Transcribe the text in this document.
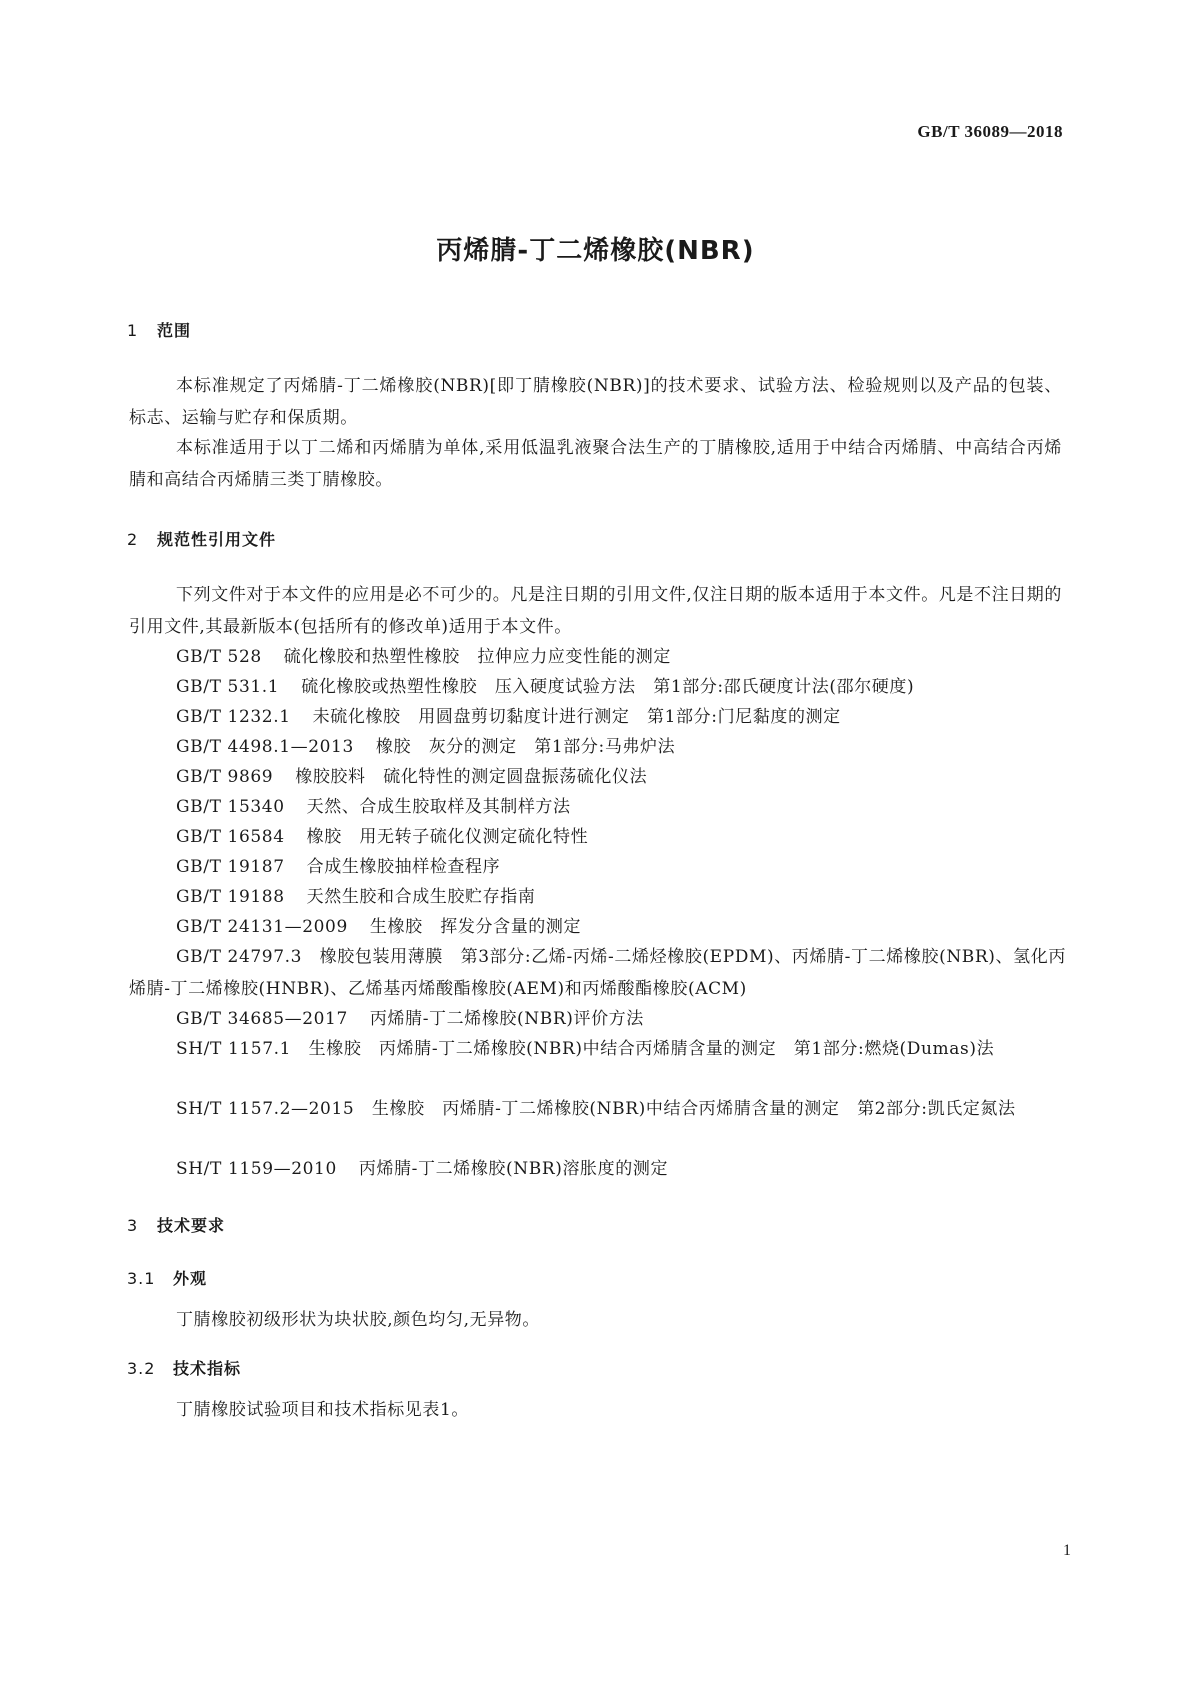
GB/T 36089—2018
丙烯腈-丁二烯橡胶(NBR)
1 范围
本标准规定了丙烯腈-丁二烯橡胶(NBR)[即丁腈橡胶(NBR)]的技术要求、试验方法、检验规则以及产品的包装、标志、运输与贮存和保质期。
本标准适用于以丁二烯和丙烯腈为单体,采用低温乳液聚合法生产的丁腈橡胶,适用于中结合丙烯腈、中高结合丙烯腈和高结合丙烯腈三类丁腈橡胶。
2 规范性引用文件
下列文件对于本文件的应用是必不可少的。凡是注日期的引用文件,仅注日期的版本适用于本文件。凡是不注日期的引用文件,其最新版本(包括所有的修改单)适用于本文件。
GB/T 528 硫化橡胶和热塑性橡胶　拉伸应力应变性能的测定
GB/T 531.1 硫化橡胶或热塑性橡胶　压入硬度试验方法　第1部分:邵氏硬度计法(邵尔硬度)
GB/T 1232.1 未硫化橡胶　用圆盘剪切黏度计进行测定　第1部分:门尼黏度的测定
GB/T 4498.1—2013 橡胶　灰分的测定　第1部分:马弗炉法
GB/T 9869 橡胶胶料　硫化特性的测定圆盘振荡硫化仪法
GB/T 15340 天然、合成生胶取样及其制样方法
GB/T 16584 橡胶　用无转子硫化仪测定硫化特性
GB/T 19187 合成生橡胶抽样检查程序
GB/T 19188 天然生胶和合成生胶贮存指南
GB/T 24131—2009 生橡胶　挥发分含量的测定
GB/T 24797.3　橡胶包装用薄膜　第3部分:乙烯-丙烯-二烯烃橡胶(EPDM)、丙烯腈-丁二烯橡胶(NBR)、氢化丙烯腈-丁二烯橡胶(HNBR)、乙烯基丙烯酸酯橡胶(AEM)和丙烯酸酯橡胶(ACM)
GB/T 34685—2017 丙烯腈-丁二烯橡胶(NBR)评价方法
SH/T 1157.1　生橡胶　丙烯腈-丁二烯橡胶(NBR)中结合丙烯腈含量的测定　第1部分:燃烧(Dumas)法
SH/T 1157.2—2015　生橡胶　丙烯腈-丁二烯橡胶(NBR)中结合丙烯腈含量的测定　第2部分:凯氏定氮法
SH/T 1159—2010 丙烯腈-丁二烯橡胶(NBR)溶胀度的测定
3 技术要求
3.1 外观
丁腈橡胶初级形状为块状胶,颜色均匀,无异物。
3.2 技术指标
丁腈橡胶试验项目和技术指标见表1。
1
